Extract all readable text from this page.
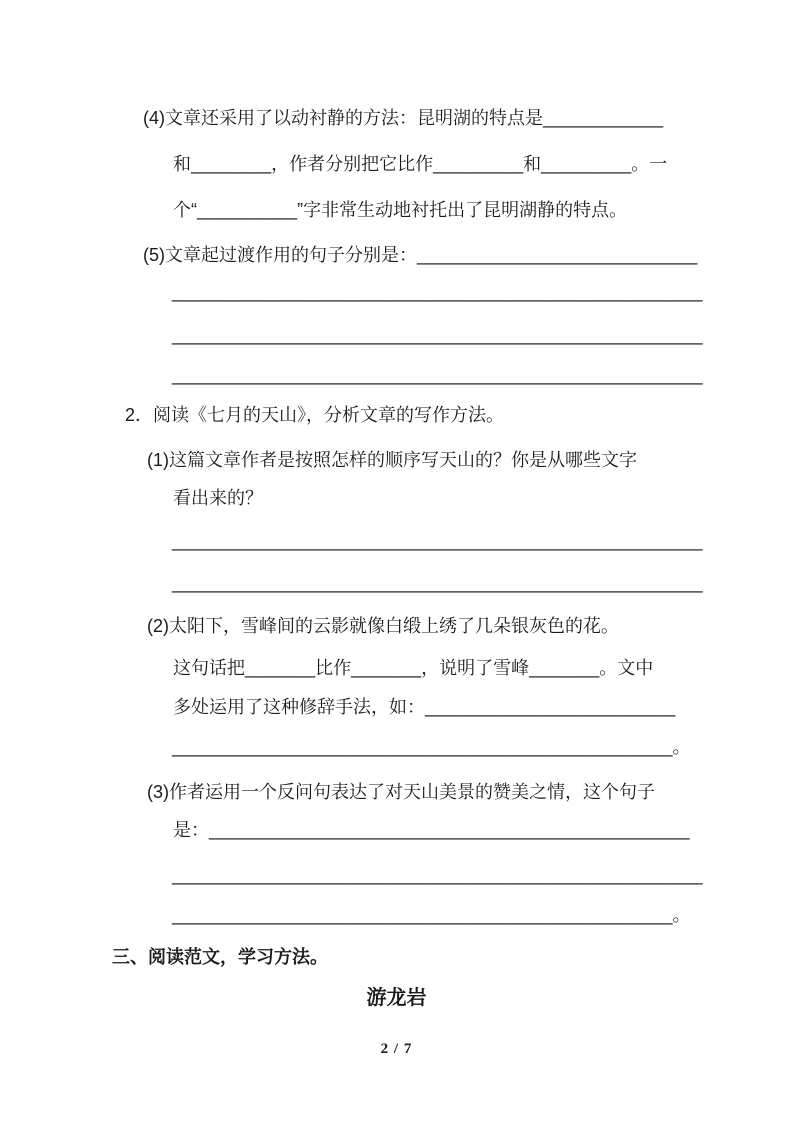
(4)文章还采用了以动衬静的方法：昆明湖的特点是____________
和________，作者分别把它比作_________和_________。一
个“__________”字非常生动地衬托出了昆明湖静的特点。
(5)文章起过渡作用的句子分别是：____________________________
_____________________________________________________
_____________________________________________________
_____________________________________________________
2．阅读《七月的天山》，分析文章的写作方法。
(1)这篇文章作者是按照怎样的顺序写天山的？你是从哪些文字
看出来的？
_____________________________________________________
_____________________________________________________
(2)太阳下，雪峰间的云影就像白缎上绣了几朵银灰色的花。
这句话把_______比作_______，说明了雪峰_______。文中
多处运用了这种修辞手法，如：_________________________
__________________________________________________。
(3)作者运用一个反问句表达了对天山美景的赞美之情，这个句子
是：________________________________________________
_____________________________________________________
__________________________________________________。
三、阅读范文，学习方法。
游龙岩
2 / 7
